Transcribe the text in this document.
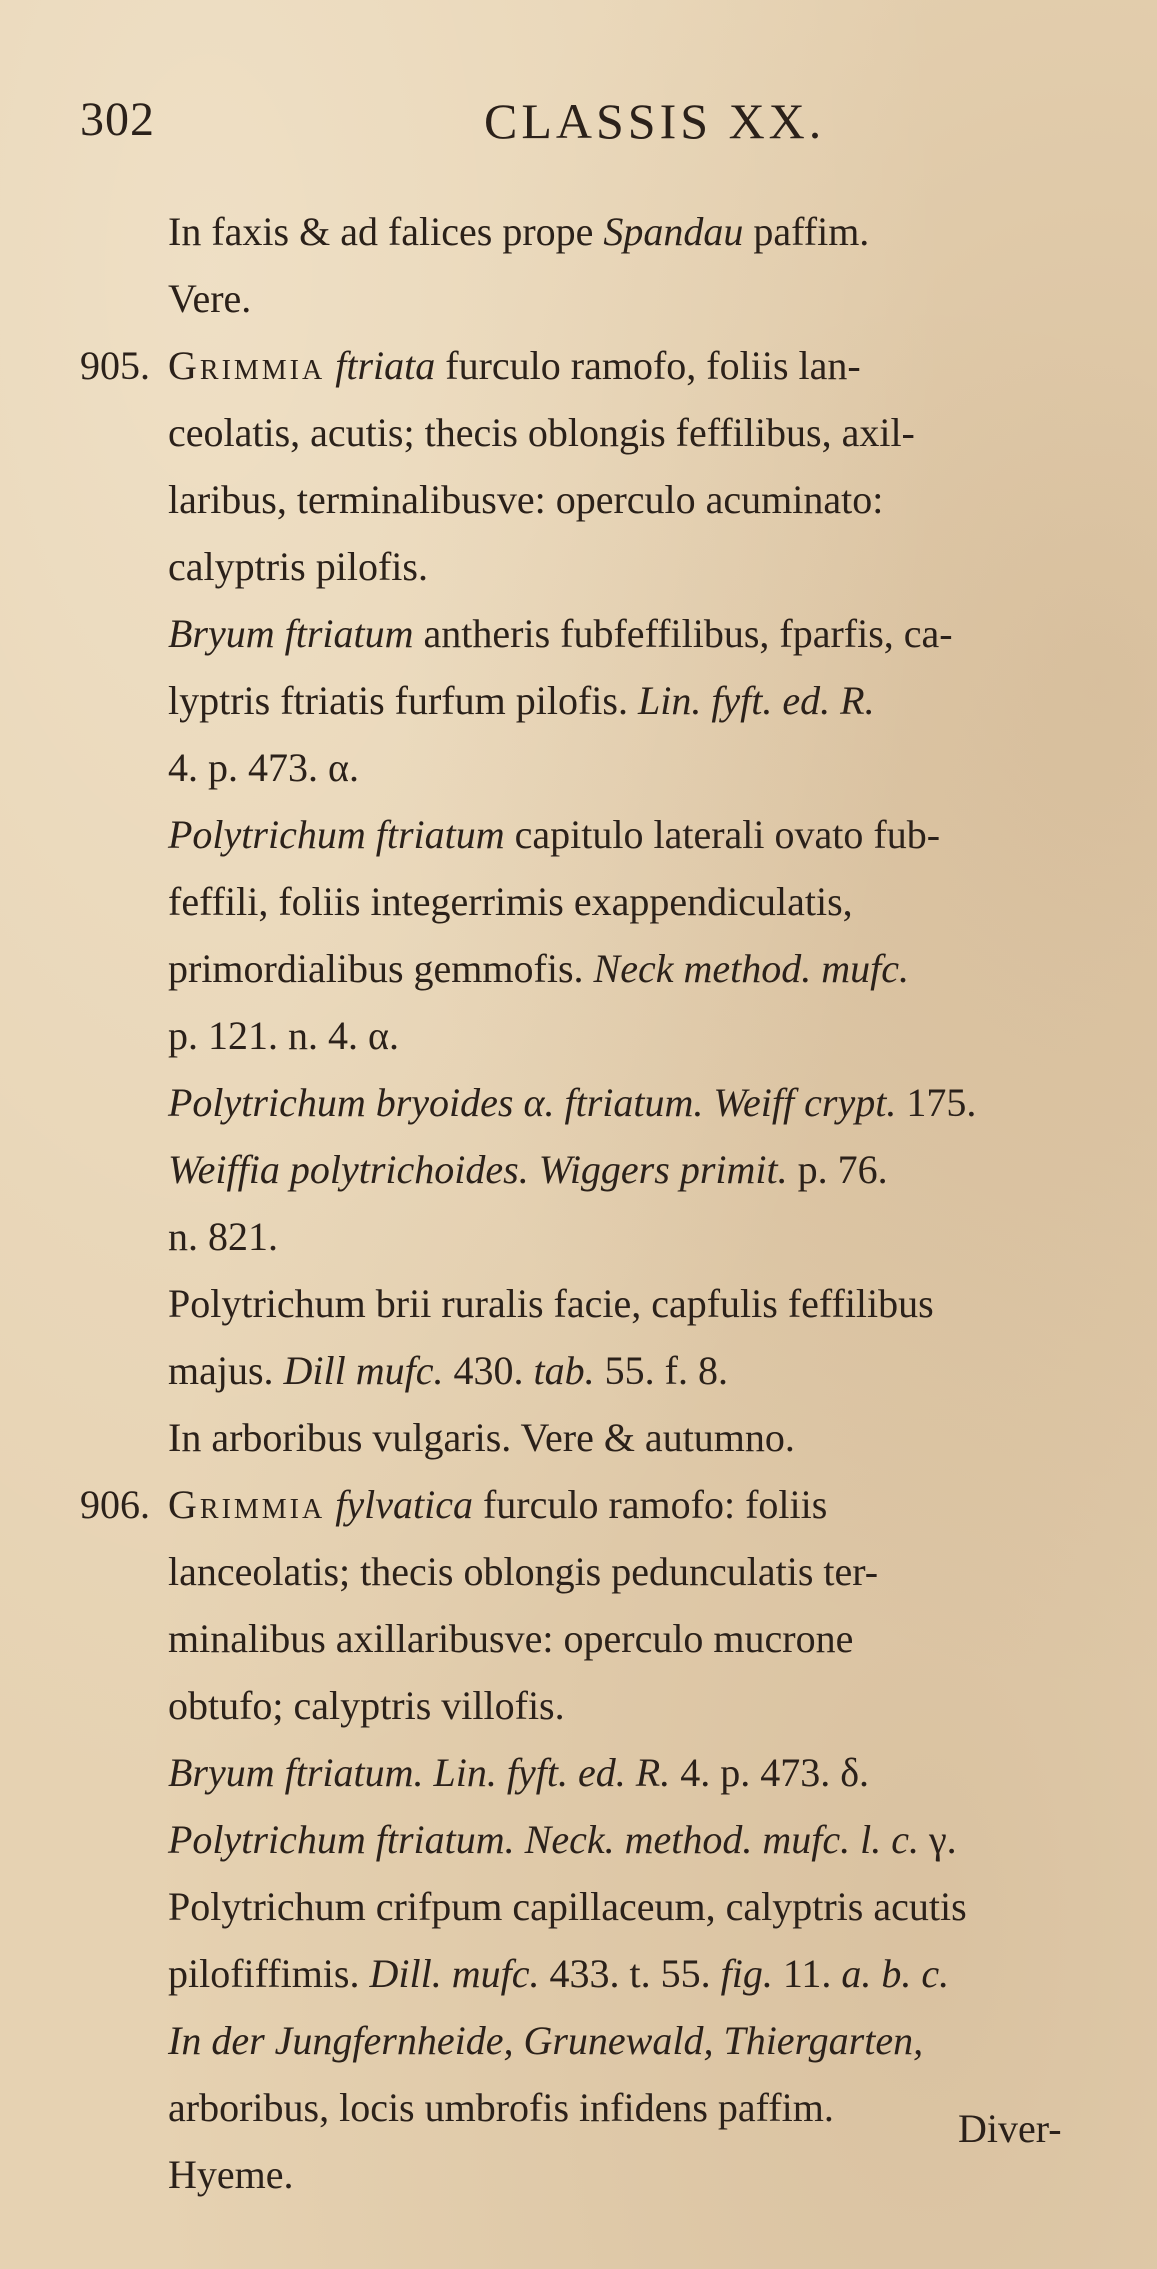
302	CLASSIS XX.
In faxis & ad falices prope Spandau paffim.
Vere.
905. Grimmia ftriata furculo ramofo, foliis lan-
ceolatis, acutis; thecis oblongis feffilibus, axil-
laribus, terminalibusve: operculo acuminato:
calyptris pilofis.
Bryum ftriatum antheris fubfeffilibus, fparfis, ca-
lyptris ftriatis furfum pilofis. Lin. fyft. ed. R.
4. p. 473. α.
Polytrichum ftriatum capitulo laterali ovato fub-
feffili, foliis integerrimis exappendiculatis,
primordialibus gemmofis. Neck method. mufc.
p. 121. n. 4. α.
Polytrichum bryoides α. ftriatum. Weiff crypt. 175.
Weiffia polytrichoides. Wiggers primit. p. 76.
n. 821.
Polytrichum brii ruralis facie, capfulis feffilibus
majus. Dill mufc. 430. tab. 55. f. 8.
In arboribus vulgaris. Vere & autumno.
906. Grimmia fylvatica furculo ramofo: foliis
lanceolatis; thecis oblongis pedunculatis ter-
minalibus axillaribusve: operculo mucrone
obtufo; calyptris villofis.
Bryum ftriatum. Lin. fyft. ed. R. 4. p. 473. δ.
Polytrichum ftriatum. Neck. method. mufc. l. c. γ.
Polytrichum crifpum capillaceum, calyptris acutis
pilofiffimis. Dill. mufc. 433. t. 55. fig. 11. a. b. c.
In der Jungfernheide, Grunewald, Thiergarten,
arboribus, locis umbrofis infidens paffim.
Hyeme.
Diver-
